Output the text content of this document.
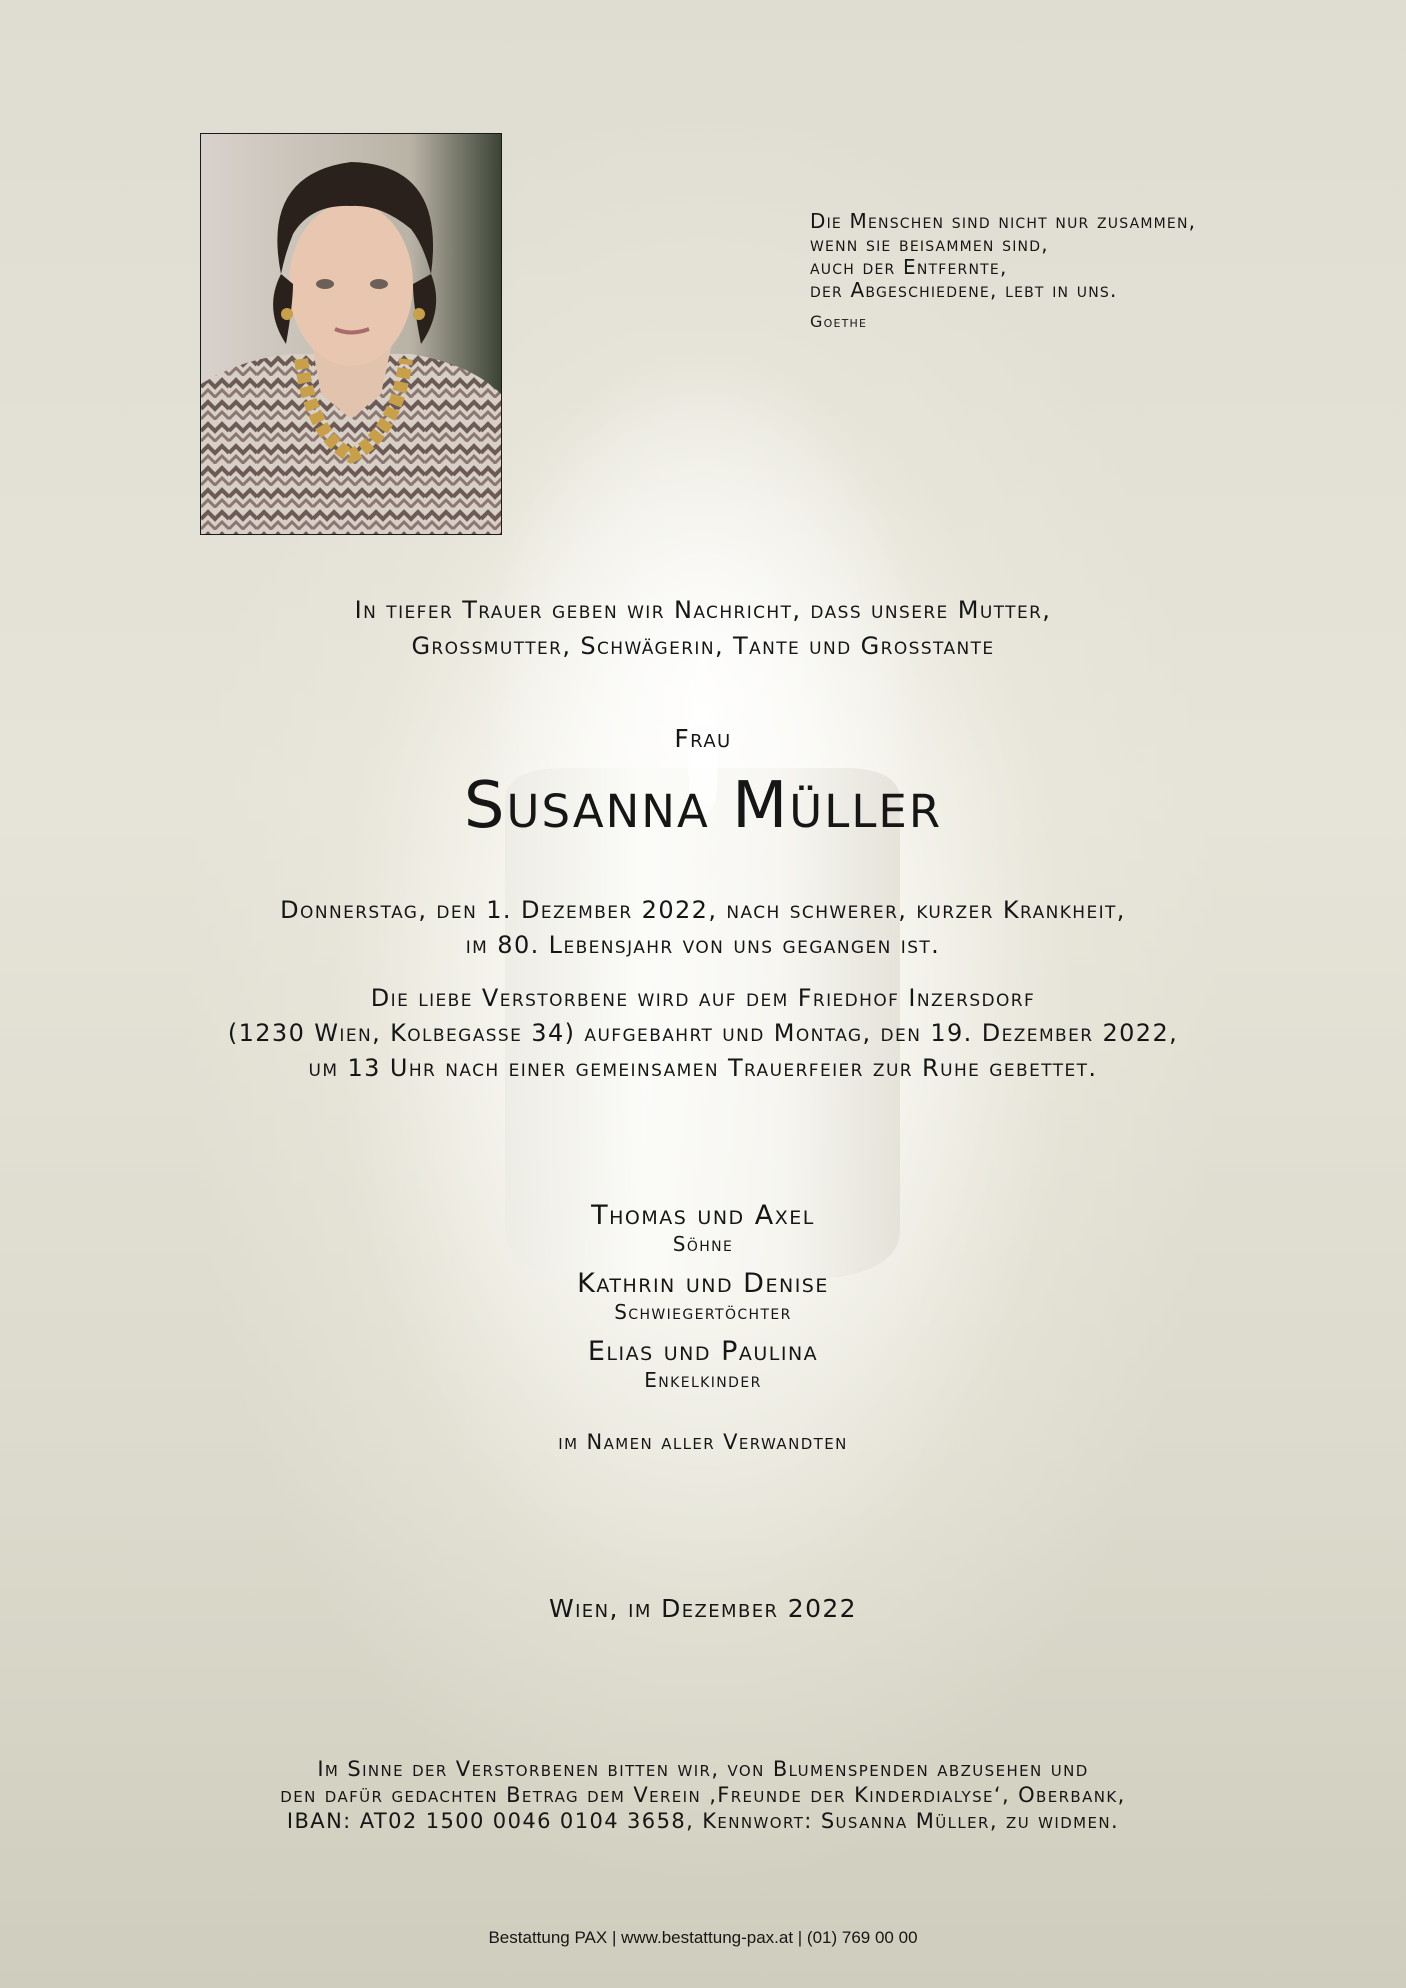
Die Menschen sind nicht nur zusammen,
wenn sie beisammen sind,
auch der Entfernte,
der Abgeschiedene, lebt in uns.
Goethe
In tiefer Trauer geben wir Nachricht, dass unsere Mutter,
Grossmutter, Schwägerin, Tante und Grosstante
Frau
Susanna Müller
Donnerstag, den 1. Dezember 2022, nach schwerer, kurzer Krankheit,
im 80. Lebensjahr von uns gegangen ist.
Die liebe Verstorbene wird auf dem Friedhof Inzersdorf
(1230 Wien, Kolbegasse 34) aufgebahrt und Montag, den 19. Dezember 2022,
um 13 Uhr nach einer gemeinsamen Trauerfeier zur Ruhe gebettet.
Thomas und Axel
Söhne
Kathrin und Denise
Schwiegertöchter
Elias und Paulina
Enkelkinder
im Namen aller Verwandten
Wien, im Dezember 2022
Im Sinne der Verstorbenen bitten wir, von Blumenspenden abzusehen und
den dafür gedachten Betrag dem Verein ‚Freunde der Kinderdialyse‘, Oberbank,
IBAN: AT02 1500 0046 0104 3658, Kennwort: Susanna Müller, zu widmen.
Bestattung PAX | www.bestattung-pax.at | (01) 769 00 00
